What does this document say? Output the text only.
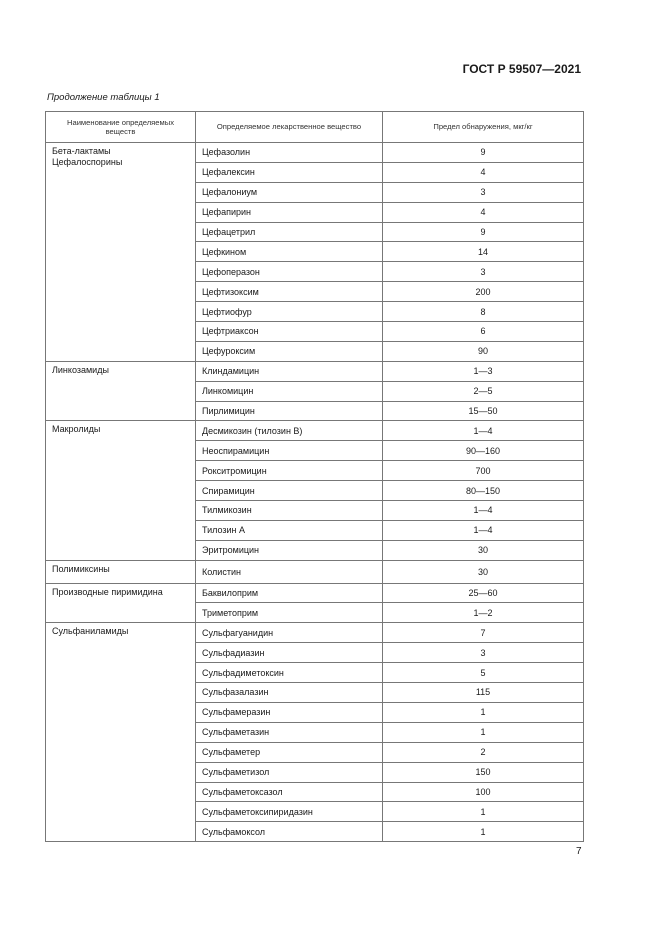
ГОСТ Р 59507—2021
Продолжение таблицы 1
Наименование определяемых веществ	Определяемое лекарственное вещество	Предел обнаружения, мкг/кг
Бета-лактамы
Цефалоспорины	Цефазолин	9
	Цефалексин	4
	Цефалониум	3
	Цефапирин	4
	Цефацетрил	9
	Цефкином	14
	Цефоперазон	3
	Цефтизоксим	200
	Цефтиофур	8
	Цефтриаксон	6
	Цефуроксим	90
Линкозамиды	Клиндамицин	1—3
	Линкомицин	2—5
	Пирлимицин	15—50
Макролиды	Десмикозин (тилозин В)	1—4
	Неоспирамицин	90—160
	Рокситромицин	700
	Спирамицин	80—150
	Тилмикозин	1—4
	Тилозин А	1—4
	Эритромицин	30
Полимиксины	Колистин	30
Производные пиримидина	Баквилоприм	25—60
	Триметоприм	1—2
Сульфаниламиды	Сульфагуанидин	7
	Сульфадиазин	3
	Сульфадиметоксин	5
	Сульфазалазин	115
	Сульфамеразин	1
	Сульфаметазин	1
	Сульфаметер	2
	Сульфаметизол	150
	Сульфаметоксазол	100
	Сульфаметоксипиридазин	1
	Сульфамоксол	1
7
